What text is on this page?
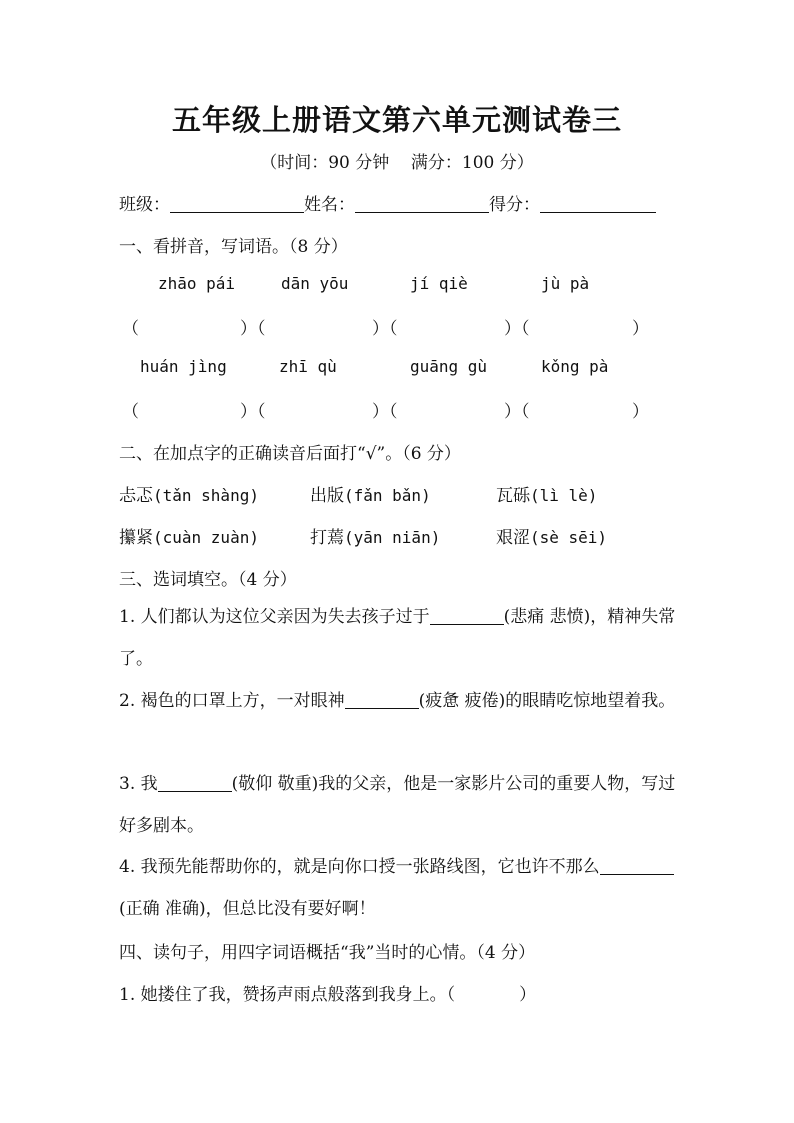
五年级上册语文第六单元测试卷三
（时间：90 分钟    满分：100 分）
班级：	姓名：	得分：
一、看拼音，写词语。（8 分）
zhāo pái	dān yōu	jí qiè	jù pà
（	）（	）（	）（	）
huán jìng	zhī qù	guāng gù	kǒng pà
（	）（	）（	）（	）
二、在加点字的正确读音后面打“√”。（6 分）
忐忑(tǎn shàng)	出版(fǎn bǎn)	瓦砾(lì lè)
攥紧(cuàn zuàn)	打蔫(yān niān)	艰涩(sè sēi)
三、选词填空。（4 分）
1. 人们都认为这位父亲因为失去孩子过于	(悲痛 悲愤)，精神失常了。
2. 褐色的口罩上方，一对眼神	(疲惫 疲倦)的眼睛吃惊地望着我。
3. 我	(敬仰 敬重)我的父亲，他是一家影片公司的重要人物，写过好多剧本。
4. 我预先能帮助你的，就是向你口授一张路线图，它也许不那么(正确 准确)，但总比没有要好啊！
四、读句子，用四字词语概括“我”当时的心情。（4 分）
1. 她搂住了我，赞扬声雨点般落到我身上。（	）
